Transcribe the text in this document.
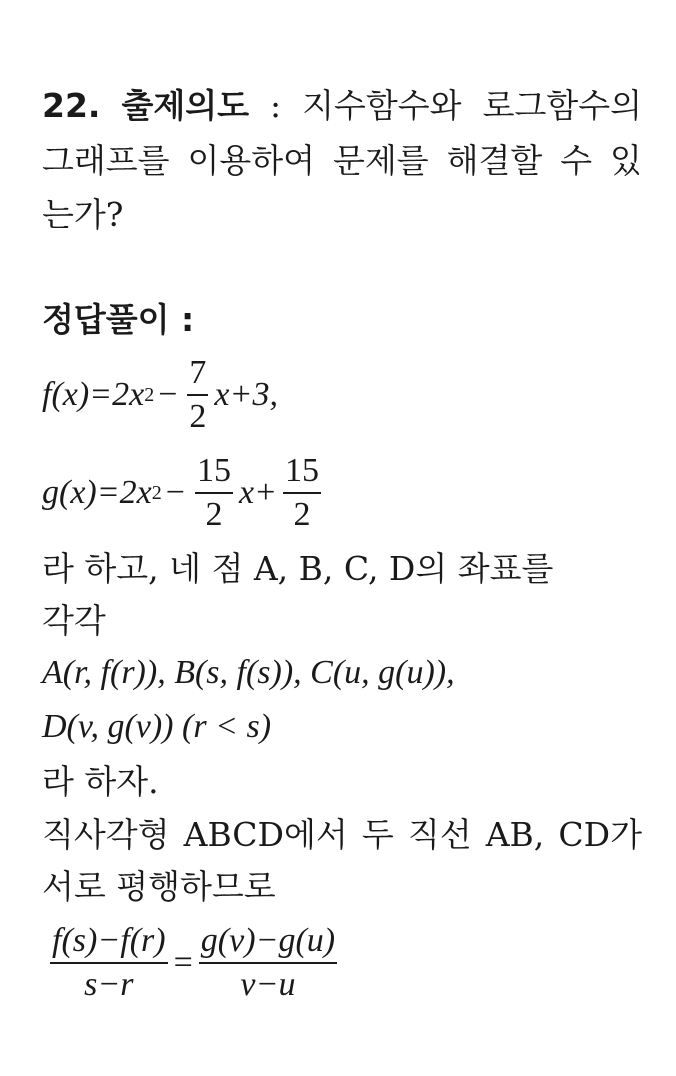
22. 출제의도 : 지수함수와 로그함수의
그래프를 이용하여 문제를 해결할 수 있
는가?
정답풀이 :
f(x)=2x $2 - \frac{7}{2} x+3$,
g(x)=2x $2 - \frac{15}{2} x+ \frac{15}{2}$
라 하고, 네 점 A, B, C, D의 좌표를
각각
A(r, f(r)), B(s, f(s)), C(u, g(u)),
D(v, g(v)) (r < s)
라 하자.
직사각형 ABCD에서 두 직선 AB, CD가
서로 평행하므로
$\frac{f(s)-f(r)}{s-r} = \frac{g(v)-g(u)}{v-u}$
